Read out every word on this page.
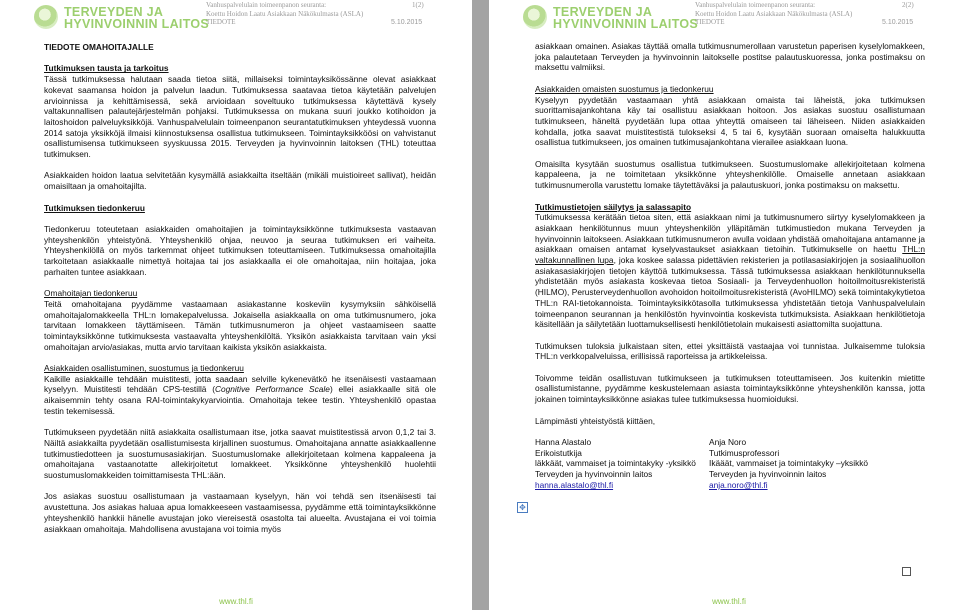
TERVEYDEN JA
HYVINVOINNIN LAITOS
Vanhuspalvelulain toimeenpanon seuranta:
Koettu Hoidon Laatu Asiakkaan Näkökulmasta (ASLA)
TIEDOTE
1(2)
5.10.2015
TIEDOTE OMAHOITAJALLE
Tutkimuksen tausta ja tarkoitus

Tässä tutkimuksessa halutaan saada tietoa siitä, millaiseksi toimintayksikössänne olevat asiakkaat kokevat saamansa hoidon ja palvelun laadun. Tutkimuksessa saatavaa tietoa käytetään palvelujen arvioinnissa ja kehittämisessä, sekä arvioidaan soveltuuko tutkimuksessa käytettävä kysely valtakunnallisen palautejärjestelmän pohjaksi. Tutkimuksessa on mukana suuri joukko kotihoidon ja laitoshoidon palveluyksikköjä. Vanhuspalvelulain toimeenpanon seurantatutkimuksen yhteydessä vuonna 2014 satoja yksikköjä ilmaisi kiinnostuksensa osallistua tutkimukseen. Toimintayksikköösi on vahvistanut osallistumisensa tutkimukseen syyskuussa 2015. Terveyden ja hyvinvoinnin laitoksen (THL) toteuttaa tutkimuksen.

Asiakkaiden hoidon laatua selvitetään kysymällä asiakkailta itseltään (mikäli muistioireet sallivat), heidän omaisiltaan ja omahoitajilta.

Tutkimuksen tiedonkeruu

Tiedonkeruu toteutetaan asiakkaiden omahoitajien ja toimintayksikkönne tutkimuksesta vastaavan yhteyshenkilön yhteistyönä. Yhteyshenkilö ohjaa, neuvoo ja seuraa tutkimuksen eri vaiheita. Yhteyshenkilöllä on myös tarkemmat ohjeet tutkimuksen toteuttamiseen. Tutkimuksessa omahoitajilla tarkoitetaan asiakkaalle nimettyä hoitajaa tai jos asiakkaalla ei ole omahoitajaa, niin hoitajaa, joka parhaiten tuntee asiakkaan.

Omahoitajan tiedonkeruu

Teitä omahoitajana pyydämme vastaamaan asiakastanne koskeviin kysymyksiin sähköisellä omahoitajalomakkeella THL:n lomakepalvelussa. Jokaisella asiakkaalla on oma tutkimusnumero, joka tarvitaan lomakkeen täyttämiseen. Tämän tutkimusnumeron ja ohjeet vastaamiseen saatte toimintayksikkönne tutkimuksesta vastaavalta yhteyshenkilöltä. Yksikön asiakkaista tarvitaan vain yksi omahoitajan arvio/asiakas, mutta arvio tarvitaan kaikista yksikön asiakkaista.

Asiakkaiden osallistuminen, suostumus ja tiedonkeruu

Kaikille asiakkaille tehdään muistitesti, jotta saadaan selville kykenevätkö he itsenäisesti vastaamaan kyselyyn. Muistitesti tehdään CPS-testillä (Cognitive Performance Scale) ellei asiakkaalle sitä ole aikaisemmin tehty osana RAI-toimintakykyarviointia. Omahoitaja tekee testin. Yhteyshenkilö opastaa testin tekemisessä.

Tutkimukseen pyydetään niitä asiakkaita osallistumaan itse, jotka saavat muistitestissä arvon 0,1,2 tai 3. Näiltä asiakkailta pyydetään osallistumisesta kirjallinen suostumus. Omahoitajana annatte asiakkaallenne tutkimustiedotteen ja suostumusasiakirjan. Suostumuslomake allekirjoitetaan kolmena kappaleena ja omahoitajana vastaanotatte allekirjoitetut lomakkeet. Yksikkönne yhteyshenkilö huolehtii suostumuslomakkeiden toimittamisesta THL:ään.

Jos asiakas suostuu osallistumaan ja vastaamaan kyselyyn, hän voi tehdä sen itsenäisesti tai avustettuna. Jos asiakas haluaa apua lomakkeeseen vastaamisessa, pyydämme että toimintayksikkönne yhteyshenkilö hankkii hänelle avustajan joko viereisestä osastolta tai alueelta. Avustajana ei voi toimia asiakkaan omahoitaja. Mahdollisena avustajana voi toimia myös

www.thl.fi
TERVEYDEN JA
HYVINVOINNIN LAITOS
Vanhuspalvelulain toimeenpanon seuranta:
Koettu Hoidon Laatu Asiakkaan Näkökulmasta (ASLA)
TIEDOTE
2(2)
5.10.2015

asiakkaan omainen. Asiakas täyttää omalla tutkimusnumerollaan varustetun paperisen kyselylomakkeen, joka palautetaan Terveyden ja hyvinvoinnin laitokselle postitse palautuskuoressa, jonka postimaksu on maksettu valmiiksi.

Asiakkaiden omaisten suostumus ja tiedonkeruu

Kyselyyn pyydetään vastaamaan yhtä asiakkaan omaista tai läheistä, joka tutkimuksen suorittamisajankohtana käy tai osallistuu asiakkaan hoitoon. Jos asiakas suostuu osallistumaan tutkimukseen, häneltä pyydetään lupa ottaa yhteyttä omaiseen tai läheiseen. Niiden asiakkaiden kohdalla, jotka saavat muistitestistä tulokseksi 4, 5 tai 6, kysytään suoraan omaiselta halukkuutta osallistua tutkimukseen, jos omainen tutkimusajankohtana vierailee asiakkaan luona.

Omaisilta kysytään suostumus osallistua tutkimukseen. Suostumuslomake allekirjoitetaan kolmena kappaleena, ja ne toimitetaan yksikkönne yhteyshenkilölle. Omaiselle annetaan asiakkaan tutkimusnumerolla varustettu lomake täytettäväksi ja palautuskuori, jonka postimaksu on maksettu.

Tutkimustietojen säilytys ja salassapito

Tutkimuksessa kerätään tietoa siten, että asiakkaan nimi ja tutkimusnumero siirtyy kyselylomakkeen ja asiakkaan henkilötunnus muun yhteyshenkilön ylläpitämän tutkimustiedon mukana Terveyden ja hyvinvoinnin laitokseen. Asiakkaan tutkimusnumeron avulla voidaan yhdistää omahoitajana antamanne ja asiakkaan omaisen antamat kyselyvastaukset asiakkaan tietoihin. Tutkimukselle on haettu THL:n valtakunnallinen lupa, joka koskee salassa pidettävien rekisterien ja potilasasiakirjojen ja sosiaalihuollon asiakasasiakirjojen tietojen käyttöä tutkimuksessa. Tässä tutkimuksessa asiakkaan henkilötunnuksella yhdistetään myös asiakasta koskevaa tietoa Sosiaali- ja Terveydenhuollon hoitoilmoitusrekisteristä (HILMO), Perusterveydenhuollon avohoidon hoitoilmoitusrekisteristä (AvoHILMO) sekä toimintakykytietoa THL:n RAI-tietokannoista. Toimintayksikkötasolla tutkimuksessa yhdistetään tietoja Vanhuspalvelulain toimeenpanon seurannan ja henkilöstön hyvinvointia koskevista tutkimuksista. Asiakkaan henkilötietoja käsitellään ja säilytetään luottamuksellisesti henkilötietolain mukaisesti asiattomilta suojattuna.

Tutkimuksen tuloksia julkaistaan siten, ettei yksittäistä vastaajaa voi tunnistaa. Julkaisemme tuloksia THL:n verkkopalveluissa, erillisissä raporteissa ja artikkeleissa.

Toivomme teidän osallistuvan tutkimukseen ja tutkimuksen toteuttamiseen. Jos kuitenkin mietitte osallistumistanne, pyydämme keskustelemaan asiasta toimintayksikkönne yhteyshenkilön kanssa, jotta jokainen toimintayksikkönne asiakas tulee tutkimuksessa huomioiduksi.

Lämpimästi yhteistyöstä kiittäen,

Hanna Alastalo
Erikoistutkija
läkkäät, vammaiset ja toimintakyky -yksikkö
Terveyden ja hyvinvoinnin laitos
hanna.alastalo@thl.fi
Anja Noro
Tutkimusprofessori
Ikääät, vammaiset ja toimintakyky –yksikkö
Terveyden ja hyvinvoinnin laitos
anja.noro@thl.fi
✥
www.thl.fi
